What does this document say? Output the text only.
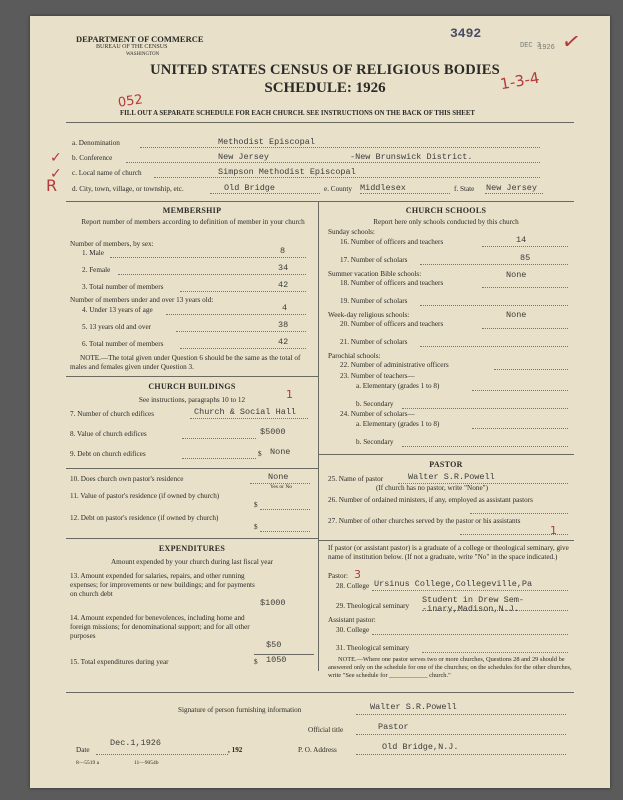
DEPARTMENT OF COMMERCE
BUREAU OF THE CENSUS
WASHINGTON
3492
DEC 3
1926 ✓
UNITED STATES CENSUS OF RELIGIOUS BODIES
SCHEDULE: 1926	1-3-4
052
FILL OUT A SEPARATE SCHEDULE FOR EACH CHURCH. SEE INSTRUCTIONS ON THE BACK OF THIS SHEET
a. Denomination	Methodist Episcopal
✓ b. Conference	New Jersey	-New Brunswick District.
✓ c. Local name of church	Simpson Methodist Episcopal
R d. City, town, village, or township, etc.	Old Bridge	e. County Middlesex	f. State New Jersey
MEMBERSHIP
Report number of members according to definition of member in your church
Number of members, by sex:
1. Male	8
2. Female	34
3. Total number of members	42
Number of members under and over 13 years old:
4. Under 13 years of age	4
5. 13 years old and over	38
6. Total number of members	42
NOTE.—The total given under Question 6 should be the same as the total of males and females given under Question 3.
CHURCH BUILDINGS
See instructions, paragraphs 10 to 12	1
7. Number of church edifices	Church & Social Hall
8. Value of church edifices	$5000
9. Debt on church edifices	$ None
10. Does church own pastor's residence	None
Yes or No
11. Value of pastor's residence (if owned by church)
$
12. Debt on pastor's residence (if owned by church)
$
EXPENDITURES
Amount expended by your church during last fiscal year
13. Amount expended for salaries, repairs, and other running expenses; for improvements or new buildings; and for payments on church debt
$1000
14. Amount expended for benevolences, including home and foreign missions; for denominational support; and for all other purposes
$50
15. Total expenditures during year	$ 1050
CHURCH SCHOOLS
Report here only schools conducted by this church
Sunday schools:
16. Number of officers and teachers	14
17. Number of scholars	85
Summer vacation Bible schools:
18. Number of officers and teachers
None
19. Number of scholars
Week-day religious schools:
20. Number of officers and teachers
None
21. Number of scholars
Parochial schools:
22. Number of administrative officers
23. Number of teachers—
a. Elementary (grades 1 to 8)
b. Secondary
24. Number of scholars—
a. Elementary (grades 1 to 8)
b. Secondary
PASTOR
25. Name of pastor	Walter S.R.Powell
(If church has no pastor, write "None")
26. Number of ordained ministers, if any, employed as assistant pastors
27. Number of other churches served by the pastor or his assistants
1
If pastor (or assistant pastor) is a graduate of a college or theological seminary, give name of institution below. (If not a graduate, write "No" in the space indicated.)
Pastor: 3
28. College Ursinus College,Collegeville,Pa
29. Theological seminary
Student in Drew Sem-
-inary,Madison,N.J.
Assistant pastor:
30. College
31. Theological seminary
NOTE.—Where one pastor serves two or more churches, Questions 28 and 29 should be answered only on the schedule for one of the churches; on the schedules for the other churches, write "See schedule for ____________ church."
Signature of person furnishing information	Walter S.R.Powell
Official title	Pastor
Date
Dec.1,1926
, 192	P. O. Address	Old Bridge,N.J.
8—5519 a	11—9054b
